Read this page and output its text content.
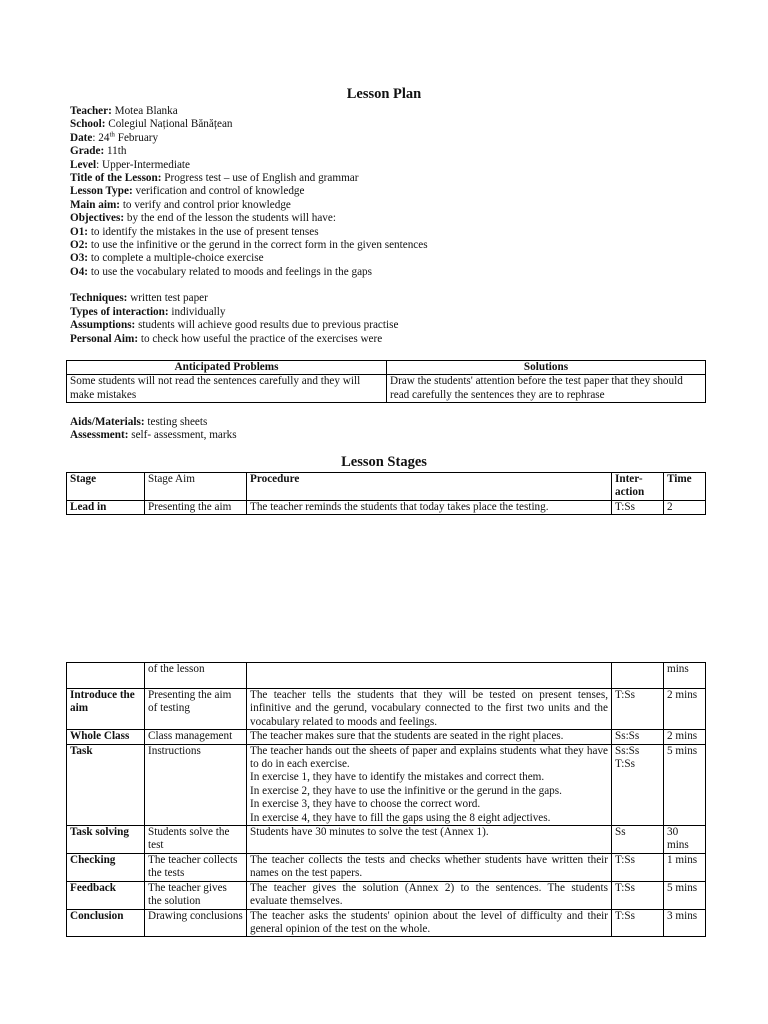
Lesson Plan
Teacher: Motea Blanka
School: Colegiul Național Bănățean
Date: 24th February
Grade: 11th
Level: Upper-Intermediate
Title of the Lesson: Progress test – use of English and grammar
Lesson Type: verification and control of knowledge
Main aim: to verify and control prior knowledge
Objectives: by the end of the lesson the students will have:
O1: to identify the mistakes in the use of present tenses
O2: to use the infinitive or the gerund in the correct form in the given sentences
O3: to complete a multiple-choice exercise
O4: to use the vocabulary related to moods and feelings in the gaps
Techniques: written test paper
Types of interaction: individually
Assumptions: students will achieve good results due to previous practise
Personal Aim: to check how useful the practice of the exercises were
Anticipated Problems	Solutions
Some students will not read the sentences carefully and they will make mistakes	Draw the students' attention before the test paper that they should read carefully the sentences they are to rephrase
Aids/Materials: testing sheets
Assessment: self- assessment, marks
Lesson Stages
Stage	Stage Aim	Procedure	Inter-action	Time
Lead in	Presenting the aim	The teacher reminds the students that today takes place the testing.	T:Ss	2
	of the lesson			mins
Introduce the aim	Presenting the aim of testing	The teacher tells the students that they will be tested on present tenses, infinitive and the gerund, vocabulary connected to the first two units and the vocabulary related to moods and feelings.	T:Ss	2 mins
Whole Class	Class management	The teacher makes sure that the students are seated in the right places.	Ss:Ss	2 mins
Task	Instructions	The teacher hands out the sheets of paper and explains students what they have to do in each exercise.
In exercise 1, they have to identify the mistakes and correct them.
In exercise 2, they have to use the infinitive or the gerund in the gaps.
In exercise 3, they have to choose the correct word.
In exercise 4, they have to fill the gaps using the 8 eight adjectives.	Ss:Ss T:Ss	5 mins
Task solving	Students solve the test	Students have 30 minutes to solve the test (Annex 1).	Ss	30 mins
Checking	The teacher collects the tests	The teacher collects the tests and checks whether students have written their names on the test papers.	T:Ss	1 mins
Feedback	The teacher gives the solution	The teacher gives the solution (Annex 2) to the sentences. The students evaluate themselves.	T:Ss	5 mins
Conclusion	Drawing conclusions	The teacher asks the students' opinion about the level of difficulty and their general opinion of the test on the whole.	T:Ss	3 mins
